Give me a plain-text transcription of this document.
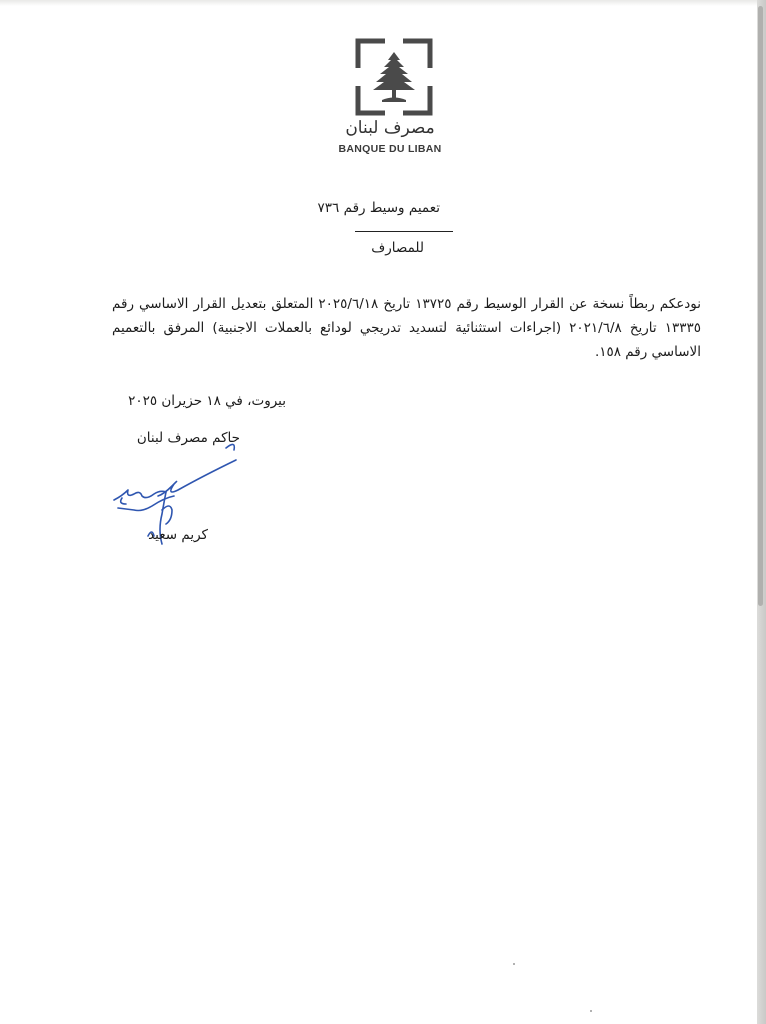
مصرف لبنان
BANQUE DU LIBAN
تعميم وسيط رقم ٧٣٦
للمصارف
نودعكم ربطاً نسخة عن القرار الوسيط رقم ١٣٧٢٥ تاريخ ٢٠٢٥/٦/١٨ المتعلق بتعديل القرار الاساسي رقم ١٣٣٣٥ تاريخ ٢٠٢١/٦/٨ (اجراءات استثنائية لتسديد تدريجي لودائع بالعملات الاجنبية) المرفق بالتعميم الاساسي رقم ١٥٨.
بيروت، في ١٨ حزيران ٢٠٢٥
حاكم مصرف لبنان
كريم سعيد
